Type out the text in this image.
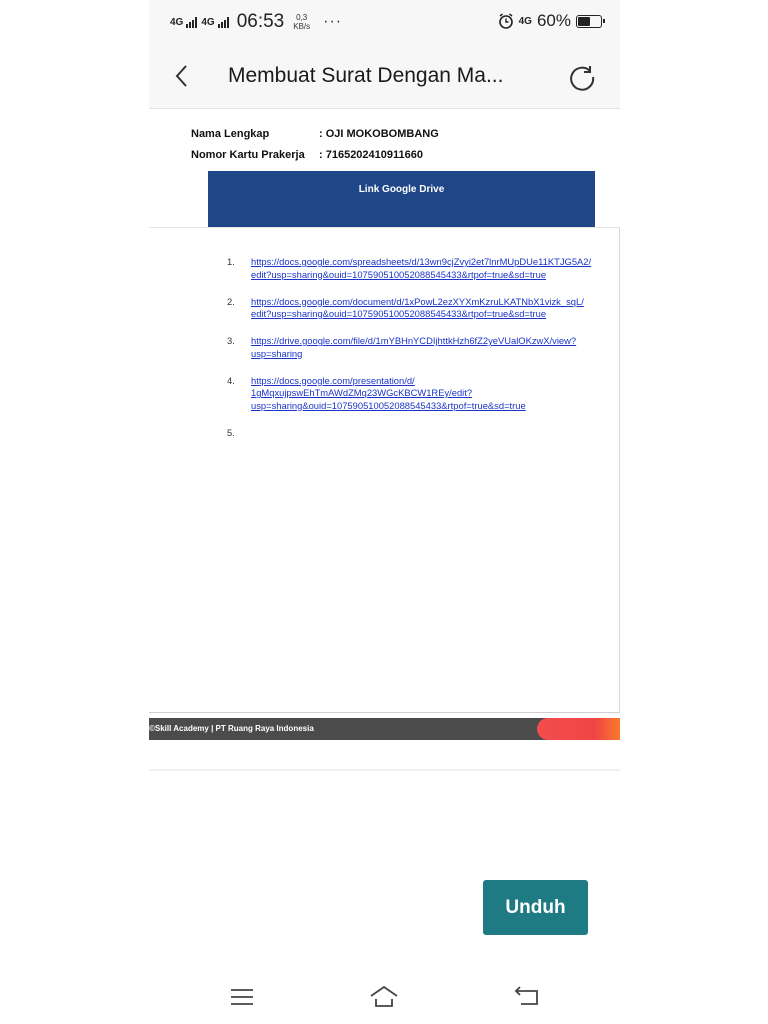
4G 4G 06:53	0,3
KB/s ···	4G 60%
Membuat Surat Dengan Ma...
Nama Lengkap	: OJI MOKOBOMBANG
Nomor Kartu Prakerja	: 7165202410911660
Link Google Drive
1.	https://docs.google.com/spreadsheets/d/13wn9cjZvyi2et7lnrMUpDUe11KTJG5A2/
edit?usp=sharing&ouid=107590510052088545433&rtpof=true&sd=true
2.	https://docs.google.com/document/d/1xPowL2ezXYXmKzruLKATNbX1vizk_sqL/
edit?usp=sharing&ouid=107590510052088545433&rtpof=true&sd=true
3.	https://drive.google.com/file/d/1mYBHnYCDIjhttkHzh6fZ2yeVUalOKzwX/view?
usp=sharing
4.	https://docs.google.com/presentation/d/
1gMqxujpswEhTmAWdZMq23WGcKBCW1REy/edit?
usp=sharing&ouid=107590510052088545433&rtpof=true&sd=true
5.
©Skill Academy | PT Ruang Raya Indonesia
Unduh
